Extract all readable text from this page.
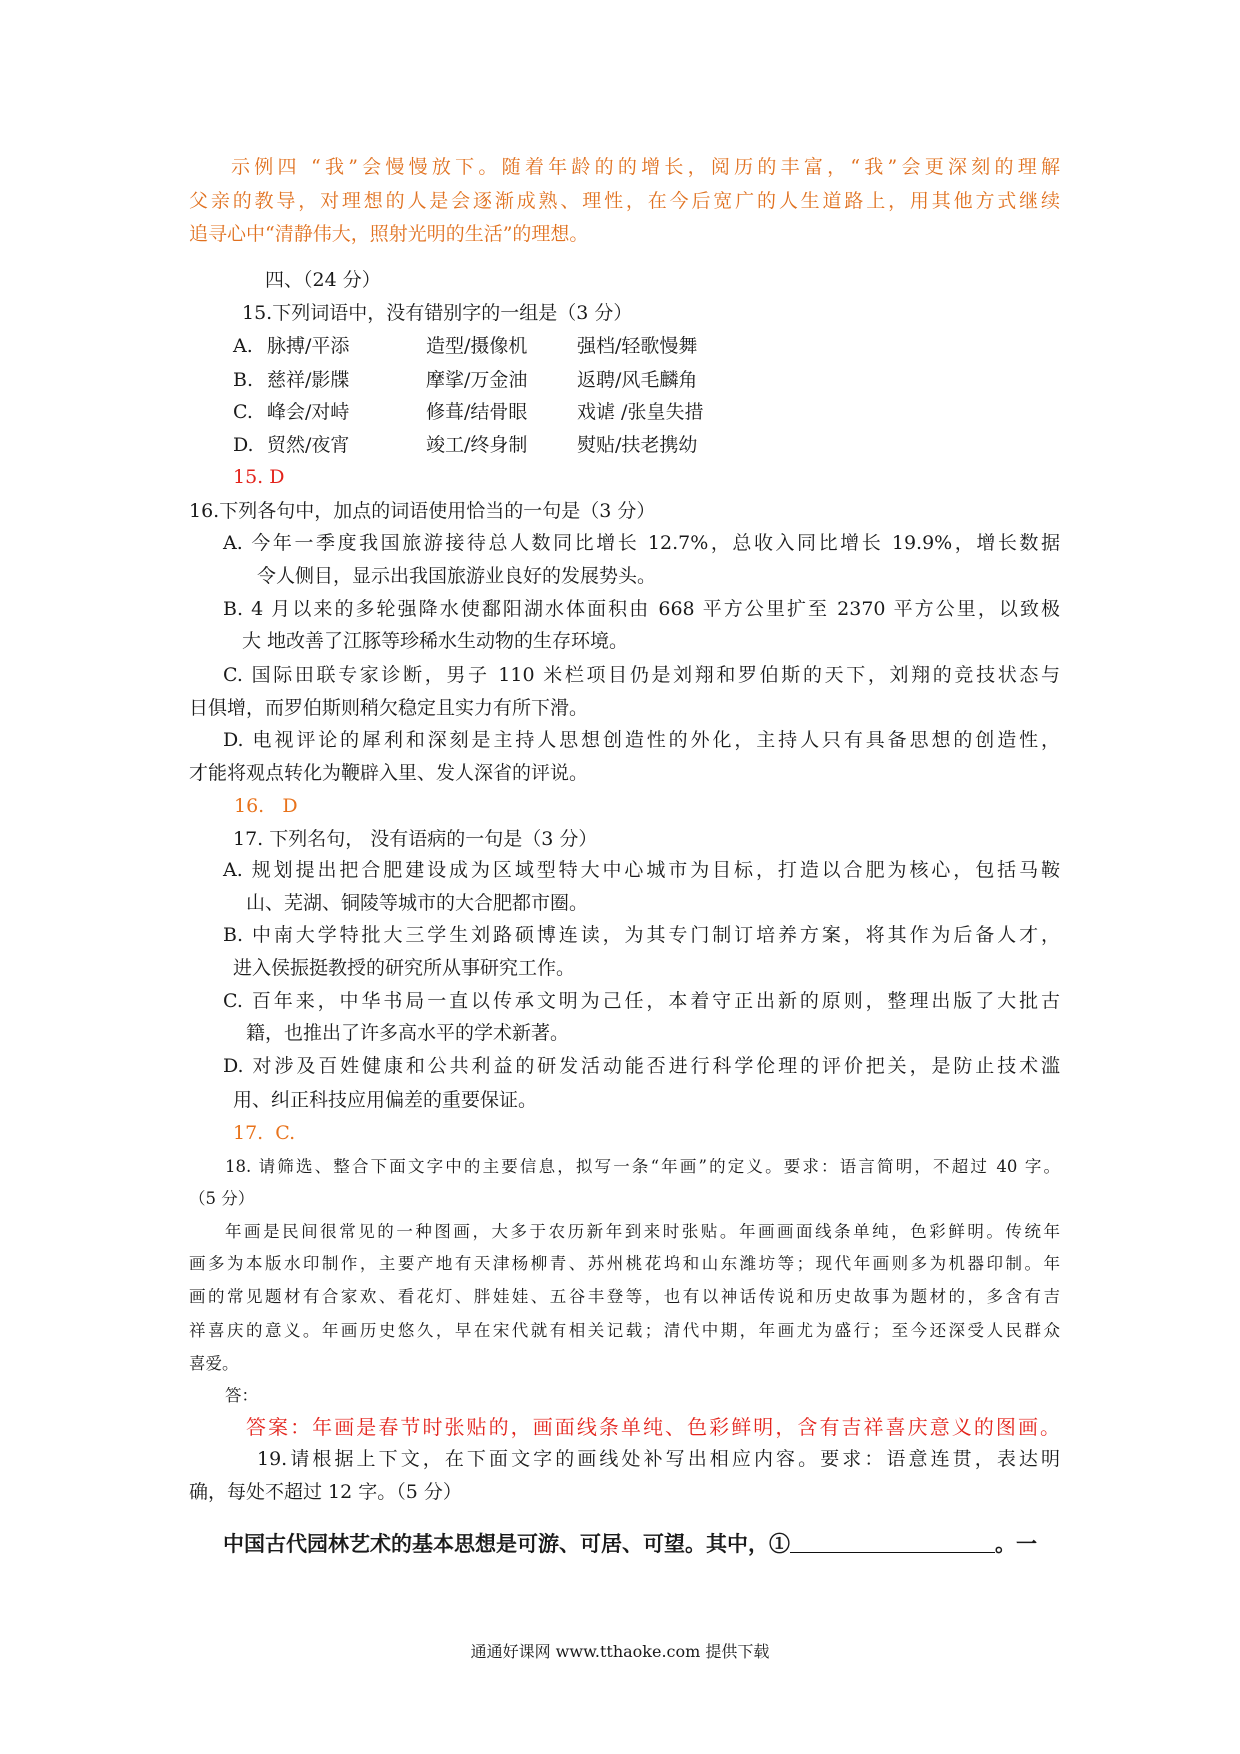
示例四 “我”会慢慢放下。随着年龄的的增长，阅历的丰富，“我”会更深刻的理解
父亲的教导，对理想的人是会逐渐成熟、理性，在今后宽广的人生道路上，用其他方式继续
追寻心中“清静伟大，照射光明的生活”的理想。
四、（24 分）
15.下列词语中，没有错别字的一组是（3 分）
A. 脉搏/平添	造型/摄像机	强档/轻歌慢舞
B. 慈祥/影牒	摩挲/万金油	返聘/风毛麟角
C. 峰会/对峙	修葺/结骨眼	戏谑 /张皇失措
D. 贸然/夜宵	竣工/终身制	熨贴/扶老携幼
15. D
16.下列各句中，加点的词语使用恰当的一句是（3 分）
A. 今年一季度我国旅游接待总人数同比增长 12.7%，总收入同比增长 19.9%，增长数据
令人侧目，显示出我国旅游业良好的发展势头。
B. 4 月以来的多轮强降水使鄱阳湖水体面积由 668 平方公里扩至 2370 平方公里，以致极
大 地改善了江豚等珍稀水生动物的生存环境。
C. 国际田联专家诊断，男子 110 米栏项目仍是刘翔和罗伯斯的天下，刘翔的竞技状态与
日俱增，而罗伯斯则稍欠稳定且实力有所下滑。
D. 电视评论的犀利和深刻是主持人思想创造性的外化，主持人只有具备思想的创造性，
才能将观点转化为鞭辟入里、发人深省的评说。
16.   D
17. 下列名句， 没有语病的一句是（3 分）
A. 规划提出把合肥建设成为区域型特大中心城市为目标，打造以合肥为核心，包括马鞍
山、芜湖、铜陵等城市的大合肥都市圈。
B. 中南大学特批大三学生刘路硕博连读，为其专门制订培养方案，将其作为后备人才，
进入侯振挺教授的研究所从事研究工作。
C. 百年来，中华书局一直以传承文明为己任，本着守正出新的原则，整理出版了大批古
籍，也推出了许多高水平的学术新著。
D. 对涉及百姓健康和公共利益的研发活动能否进行科学伦理的评价把关，是防止技术滥
用、纠正科技应用偏差的重要保证。
17.  C.
18. 请筛选、整合下面文字中的主要信息，拟写一条“年画”的定义。要求：语言简明，不超过 40 字。
（5 分）
年画是民间很常见的一种图画，大多于农历新年到来时张贴。年画画面线条单纯，色彩鲜明。传统年
画多为本版水印制作，主要产地有天津杨柳青、苏州桃花坞和山东潍坊等；现代年画则多为机器印制。年
画的常见题材有合家欢、看花灯、胖娃娃、五谷丰登等，也有以神话传说和历史故事为题材的，多含有吉
祥喜庆的意义。年画历史悠久，早在宋代就有相关记载；清代中期，年画尤为盛行；至今还深受人民群众
喜爱。
答：
答案：年画是春节时张贴的，画面线条单纯、色彩鲜明，含有吉祥喜庆意义的图画。
19.请根据上下文，在下面文字的画线处补写出相应内容。要求：语意连贯，表达明
确，每处不超过 12 字。（5 分）
中国古代园林艺术的基本思想是可游、可居、可望。其中，①	。一
通通好课网 www.tthaoke.com 提供下载
